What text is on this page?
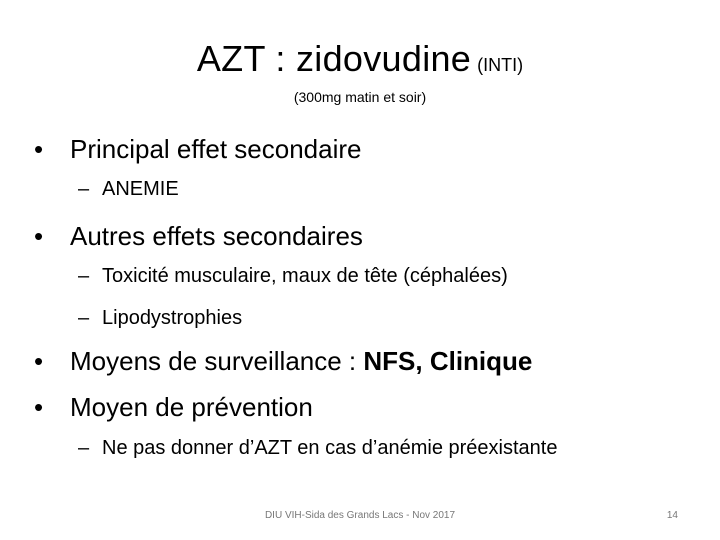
AZT : zidovudine (INTI)
(300mg matin et soir)
• Principal effet secondaire
– ANEMIE
• Autres effets secondaires
– Toxicité musculaire, maux de tête (céphalées)
– Lipodystrophies
• Moyens de surveillance : NFS, Clinique
• Moyen de prévention
– Ne pas donner d’AZT en cas d’anémie préexistante
DIU VIH-Sida des Grands Lacs - Nov 2017	14
